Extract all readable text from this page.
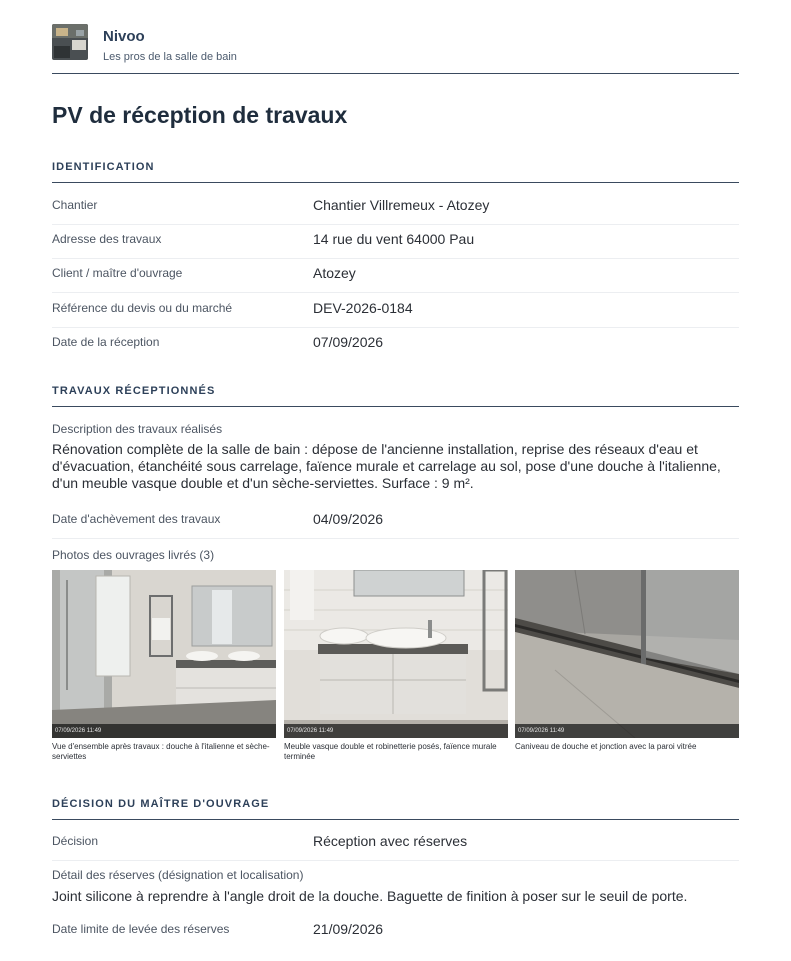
Nivoo
Les pros de la salle de bain
PV de réception de travaux
IDENTIFICATION
Chantier	Chantier Villremeux - Atozey
Adresse des travaux	14 rue du vent 64000 Pau
Client / maître d'ouvrage	Atozey
Référence du devis ou du marché	DEV-2026-0184
Date de la réception	07/09/2026
TRAVAUX RÉCEPTIONNÉS
Description des travaux réalisés
Rénovation complète de la salle de bain : dépose de l'ancienne installation, reprise des réseaux d'eau et d'évacuation, étanchéité sous carrelage, faïence murale et carrelage au sol, pose d'une douche à l'italienne, d'un meuble vasque double et d'un sèche-serviettes. Surface : 9 m².
Date d'achèvement des travaux	04/09/2026
Photos des ouvrages livrés (3)
07/09/2026 11:49
Vue d'ensemble après travaux : douche à l'italienne et sèche-serviettes
07/09/2026 11:49
Meuble vasque double et robinetterie posés, faïence murale terminée
07/09/2026 11:49
Caniveau de douche et jonction avec la paroi vitrée
DÉCISION DU MAÎTRE D'OUVRAGE
Décision	Réception avec réserves
Détail des réserves (désignation et localisation)
Joint silicone à reprendre à l'angle droit de la douche. Baguette de finition à poser sur le seuil de porte.
Date limite de levée des réserves	21/09/2026
